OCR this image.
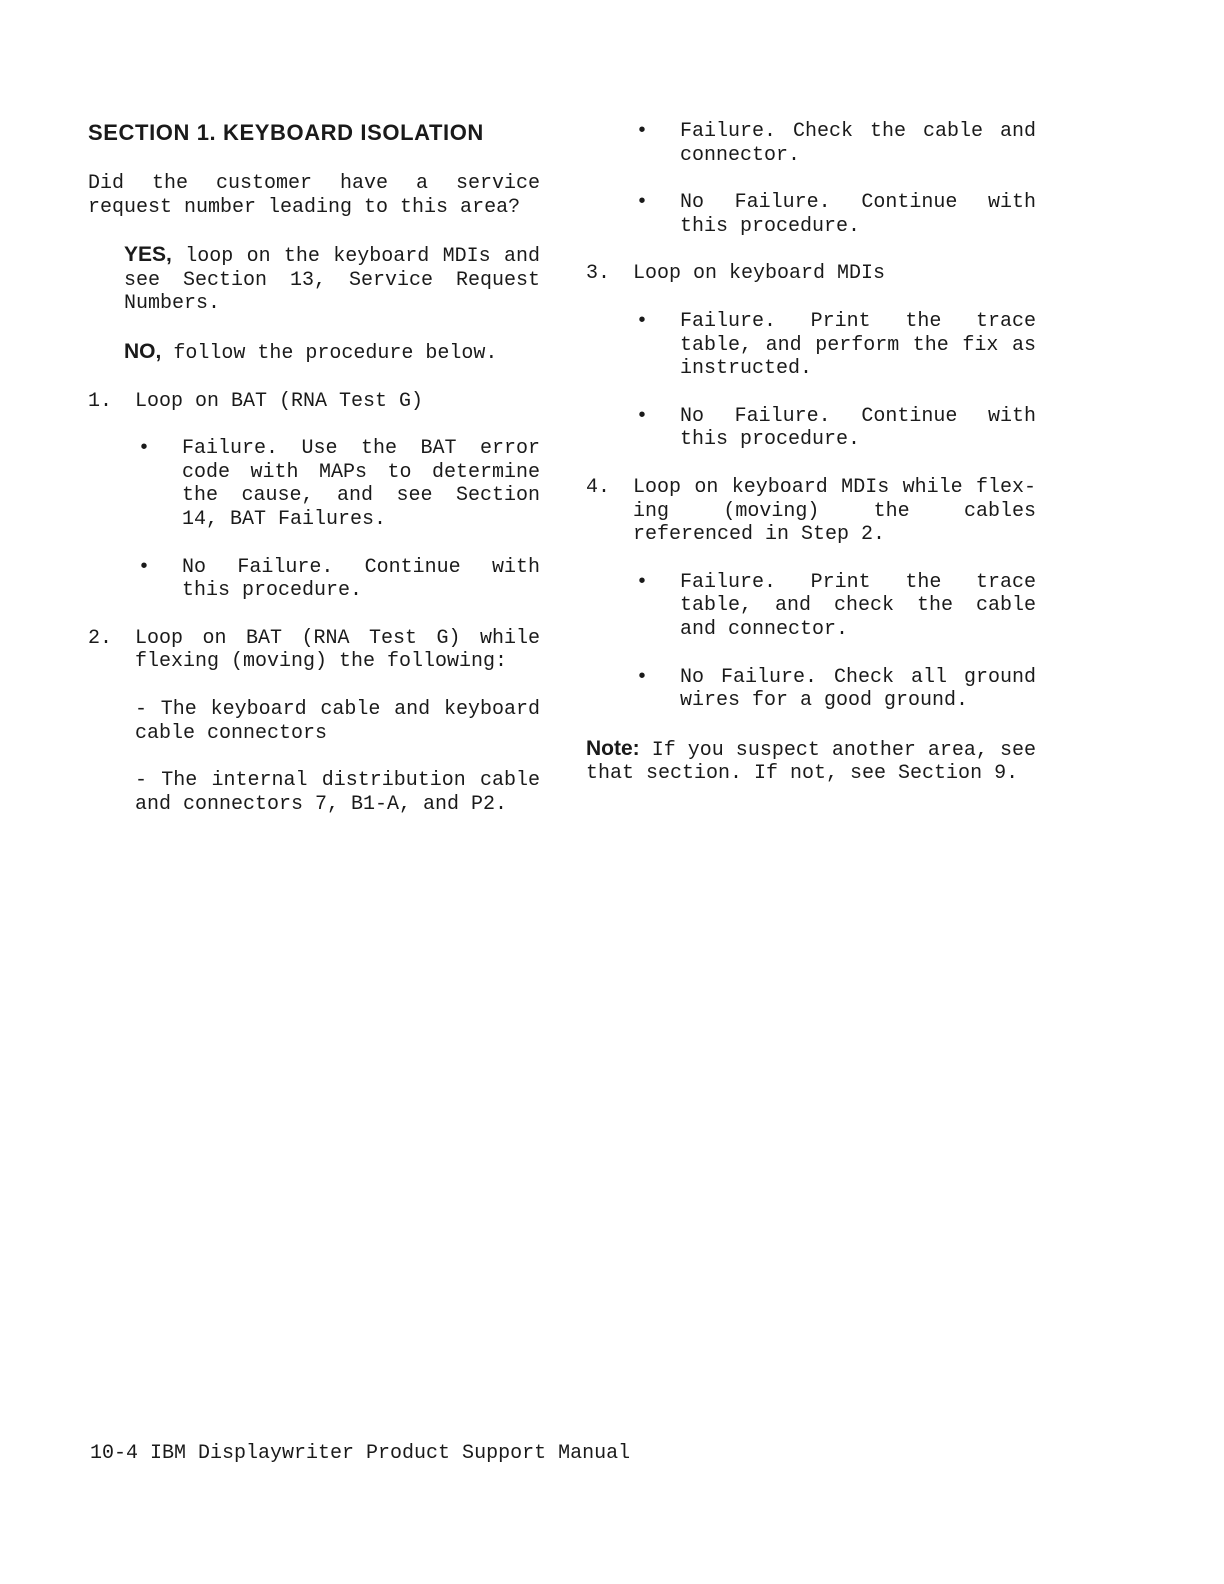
SECTION 1. KEYBOARD ISOLATION

Did the customer have a service request number leading to this area?

YES, loop on the keyboard MDIs and see Section 13, Service Request Numbers.

NO, follow the procedure below.

1.	Loop on BAT (RNA Test G)
•	Failure. Use the BAT error code with MAPs to determine the cause, and see Section 14, BAT Failures.
•	No Failure. Continue with this procedure.
2.	Loop on BAT (RNA Test G) while flexing (moving) the following:

- The keyboard cable and keyboard cable connectors

- The internal distribution cable and connectors 7, B1-A, and P2.

•	Failure. Check the cable and connector.
•	No Failure. Continue with this procedure.
3.	Loop on keyboard MDIs
•	Failure. Print the trace table, and perform the fix as instructed.
•	No Failure. Continue with this procedure.
4.	Loop on keyboard MDIs while flex-ing (moving) the cables referenced in Step 2.
•	Failure. Print the trace table, and check the cable and connector.
•	No Failure. Check all ground wires for a good ground.

Note: If you suspect another area, see that section. If not, see Section 9.

10-4 IBM Displaywriter Product Support Manual
